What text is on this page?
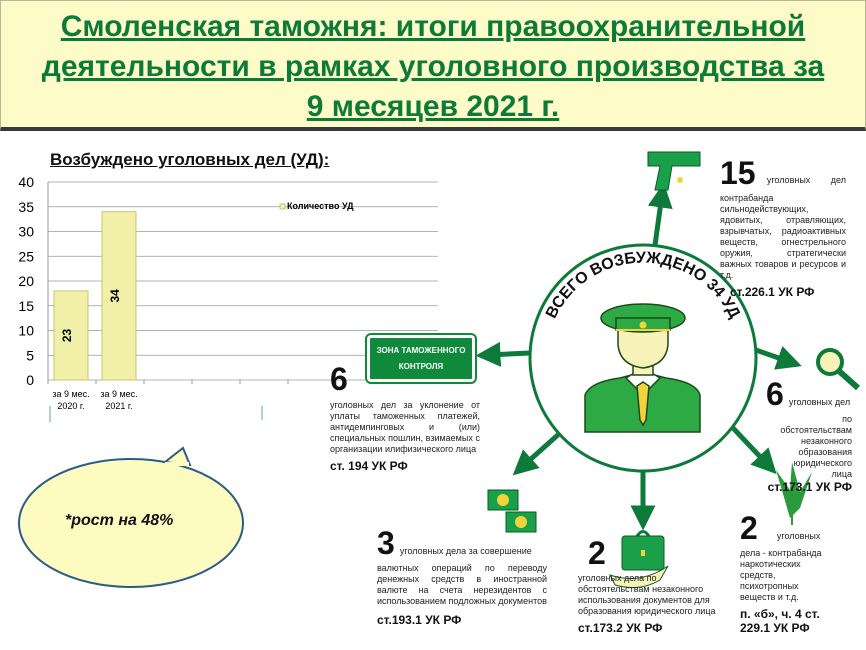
Смоленская таможня: итоги правоохранительной
деятельности в рамках уголовного производства за
9 месяцев 2021 г.
Возбуждено уголовных дел (УД):
0
5
10
15
20
25
30
35
40
23
за 9 мес.
2020 г.
34
за 9 мес.
2021 г.
Количество УД
*рост на 48%
ВСЕГО ВОЗБУЖДЕНО 34 УД
ЗОНА ТАМОЖЕННОГО
КОНТРОЛЯ
15 уголовных дел
контрабанда сильнодействующих, ядовитых, отравляющих, взрывчатых, радиоактивных веществ, огнестрельного оружия, стратегически важных товаров и ресурсов и т.д.
ст.226.1 УК РФ
6
уголовных дел за уклонение от уплаты таможенных платежей, антидемпинговых и (или) специальных пошлин, взимаемых с организации илифизического лица
ст. 194 УК РФ
6 уголовных дел
по обстоятельствам незаконного образования юридического лица
ст.173.1 УК РФ
3 уголовных дела за совершение
валютных операций по переводу денежных средств в иностранной валюте на счета нерезидентов с использованием подложных документов
ст.193.1 УК РФ
2
уголовных дела по обстоятельствам незаконного использования документов для образования юридического лица
ст.173.2 УК РФ
2 уголовных
дела - контрабанда наркотических средств, психотропных веществ и т.д.
п. «б», ч. 4 ст.
229.1 УК РФ
